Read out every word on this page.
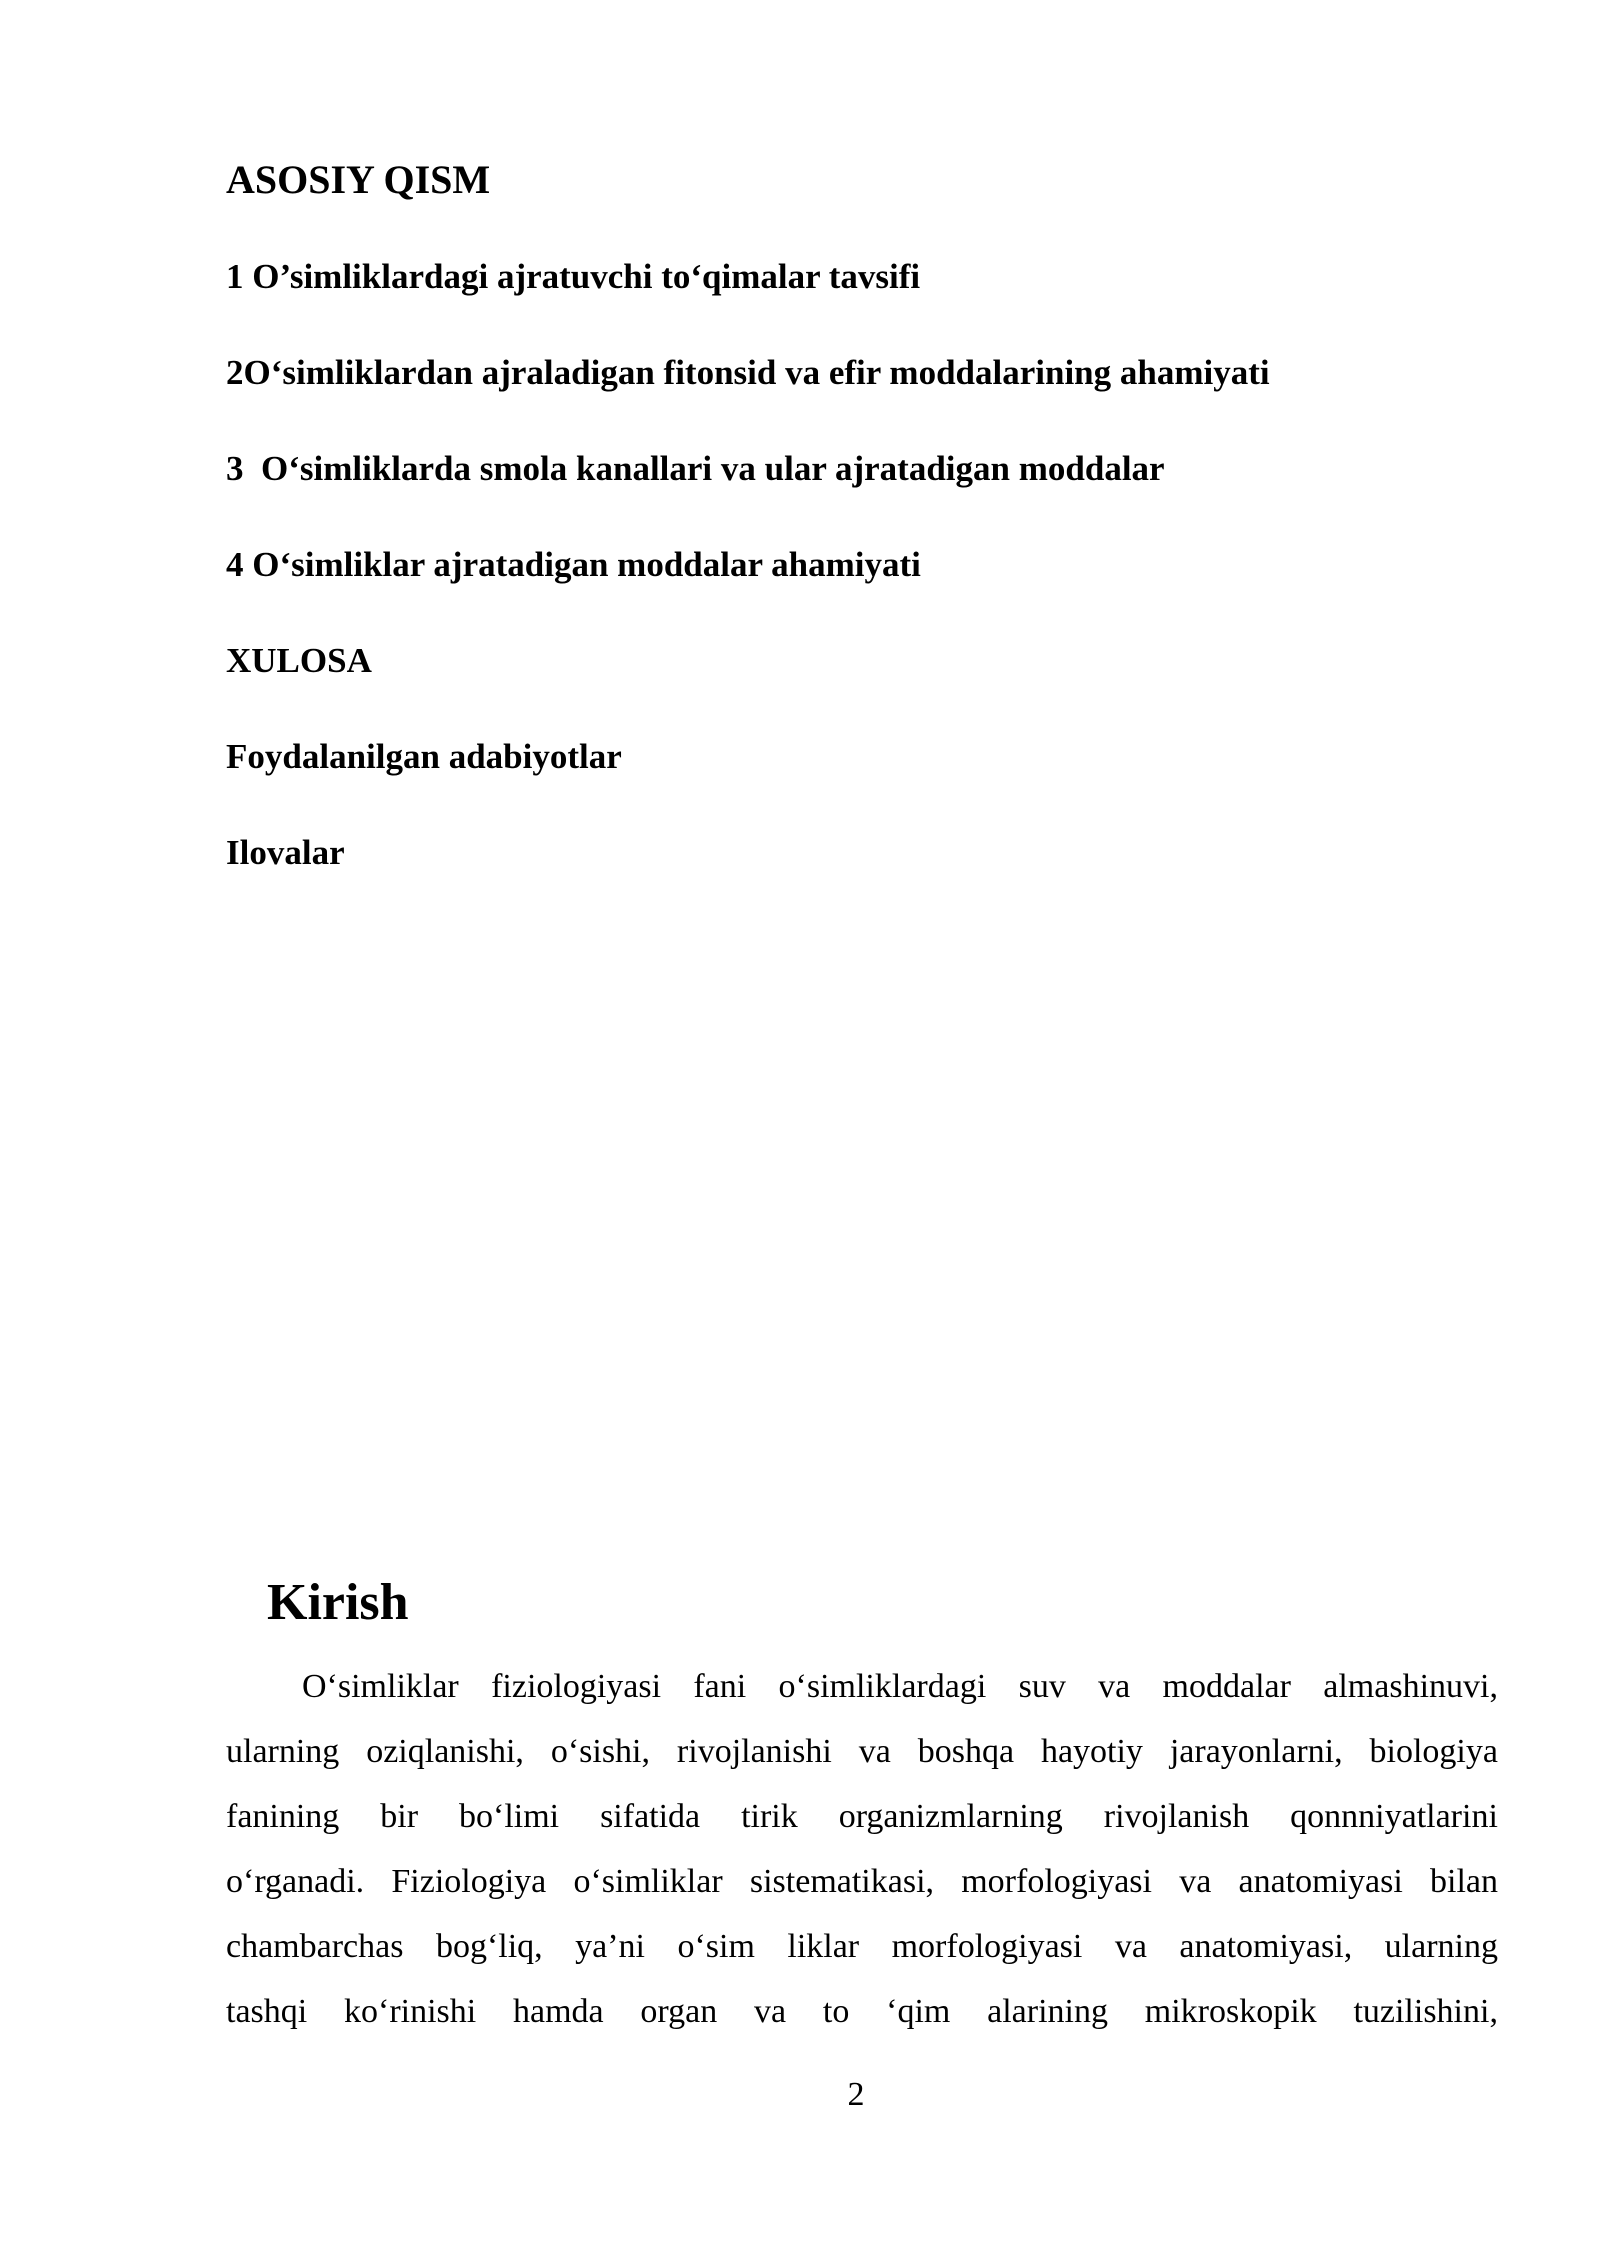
ASOSIY QISM
1 O’simliklardagi ajratuvchi to‘qimalar tavsifi
2O‘simliklardan ajraladigan fitonsid va efir moddalarining ahamiyati
3  O‘simliklarda smola kanallari va ular ajratadigan moddalar
4 O‘simliklar ajratadigan moddalar ahamiyati
XULOSA
Foydalanilgan adabiyotlar
Ilovalar
Kirish
O‘simliklar fiziologiyasi fani o‘simliklardagi suv va moddalar almashinuvi,
ularning oziqlanishi, o‘sishi, rivojlanishi va boshqa hayotiy jarayonlarni, biologiya
fanining bir bo‘limi sifatida tirik organizmlarning rivojlanish qonnniyatlarini
o‘rganadi. Fiziologiya o‘simliklar sistematikasi, morfologiyasi va anatomiyasi bilan
chambarchas bog‘liq, ya’ni o‘sim liklar morfologiyasi va anatomiyasi, ularning
tashqi ko‘rinishi hamda organ va to ‘qim alarining mikroskopik tuzilishini,
2
